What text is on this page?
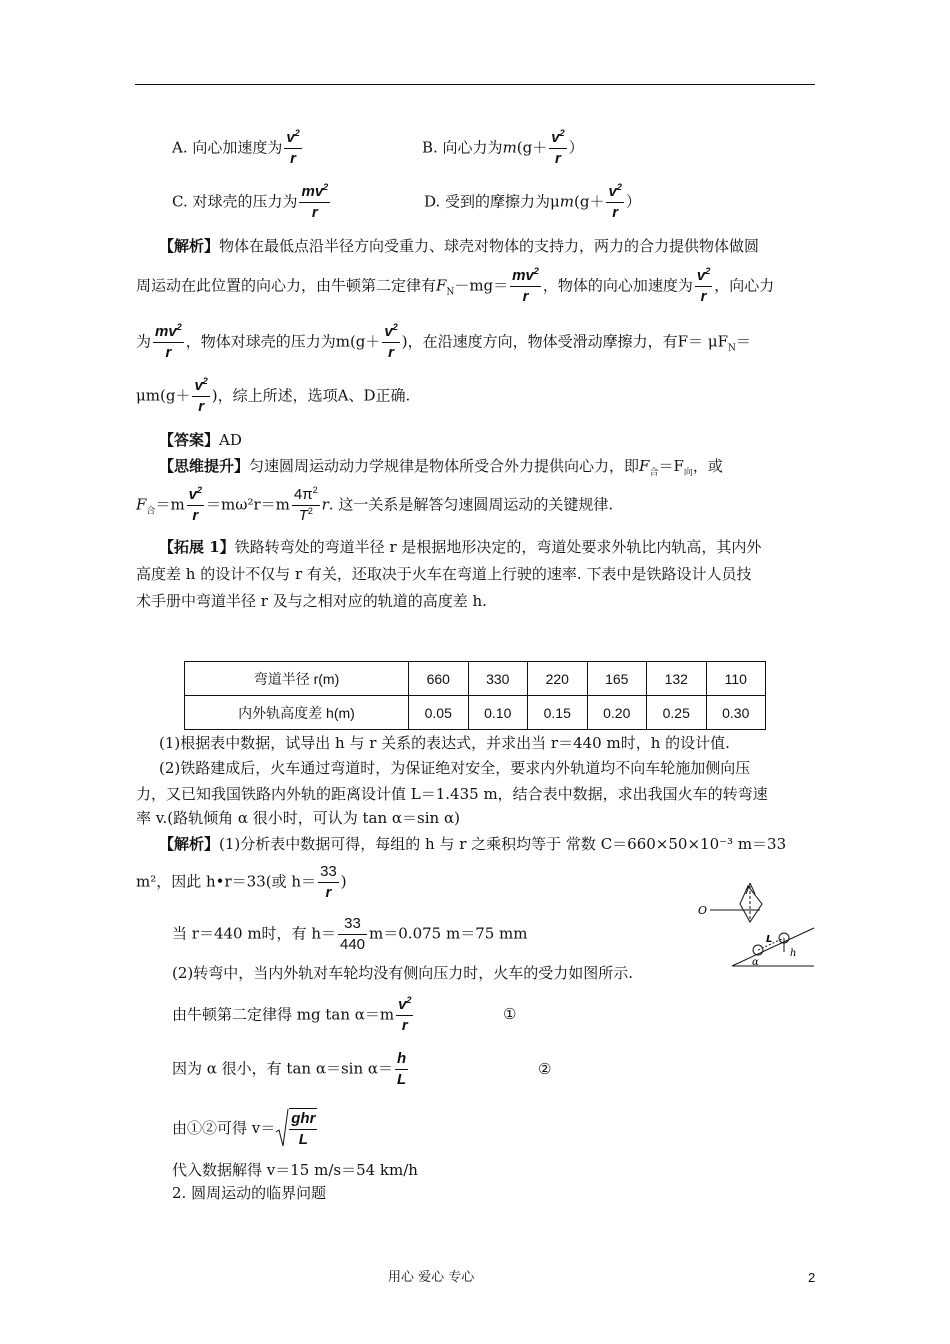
A. 向心加速度为 $\frac{v^2}{r}$	B. 向心力为$m(g+ \frac{v^2}{r}$ ）
C. 对球壳的压力为 $\frac{mv^2}{r}$	D. 受到的摩擦力为$\mu m(g+ \frac{v^2}{r}$ ）
【解析】物体在最低点沿半径方向受重力、球壳对物体的支持力，两力的合力提供物体做圆
周运动在此位置的向心力，由牛顿第二定律有$F_N-mg= \frac{mv^2}{r}$ ，物体的向心加速度为 $\frac{v^2}{r}$ ，向心力
为 $\frac{mv^2}{r}$ ，物体对球壳的压力为$m(g+ \frac{v^2}{r}$ )，在沿速度方向，物体受滑动摩擦力，有$F= \mu F_N=$
$\mu m(g+ \frac{v^2}{r}$ )，综上所述，选项A、D正确.
【答案】AD
【思维提升】匀速圆周运动动力学规律是物体所受合外力提供向心力，即$F_合=F_向$，或
$F_合=m \frac{v^2}{r} =m\omega^2r=m \frac{4\pi^2}{T^2} r$. 这一关系是解答匀速圆周运动的关键规律.
【拓展 1】铁路转弯处的弯道半径 r 是根据地形决定的，弯道处要求外轨比内轨高，其内外
高度差 h 的设计不仅与 r 有关，还取决于火车在弯道上行驶的速率. 下表中是铁路设计人员技
术手册中弯道半径 r 及与之相对应的轨道的高度差 h.
弯道半径 r(m)	660	330	220	165	132	110
内外轨高度差 h(m)	0.05	0.10	0.15	0.20	0.25	0.30
(1)根据表中数据，试导出 h 与 r 关系的表达式，并求出当 r＝440 m时，h 的设计值.
(2)铁路建成后，火车通过弯道时，为保证绝对安全，要求内外轨道均不向车轮施加侧向压
力，又已知我国铁路内外轨的距离设计值 L＝1.435 m，结合表中数据，求出我国火车的转弯速
率 v.(路轨倾角 α 很小时，可认为 tan α＝sin α)
【解析】(1)分析表中数据可得，每组的 h 与 r 之乘积均等于 常数 C＝660×50×10⁻³ m＝33
m²，因此 h•r＝33(或 $h= \frac{33}{r}$ )
当 r＝440 m时，有 $h= \frac{33}{440} m=0.075$ m＝75 mm
(2)转弯中，当内外轨对车轮均没有侧向压力时，火车的受力如图所示.
由牛顿第二定律得 mg $\tan \alpha=m \frac{v^2}{r}$	①
因为 α 很小，有 tan α＝sin $\alpha= \frac{h}{L}$	②
由①②可得 $v= \frac{\text{ghr}}{L}$
代入数据解得 v＝15 m/s＝54 km/h
2. 圆周运动的临界问题
O
L
h
α
用心 爱心 专心	2
